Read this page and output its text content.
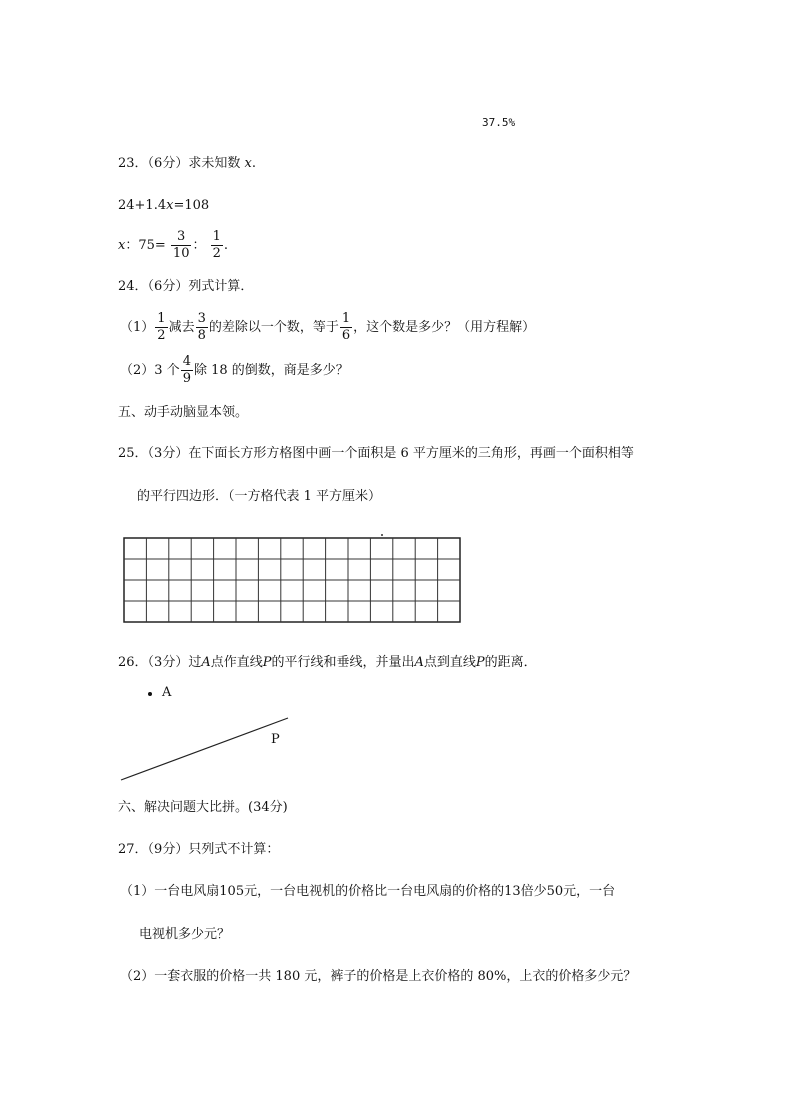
37.5%
23．（6分）求未知数 x.
24+1.4x=108
x：$75= \frac{3}{10}$ ： $\frac{1}{2}$ .
24．（6分）列式计算．
$(1) \frac{1}{2}$ 减去 $\frac{3}{8}$ 的差除以一个数，等于 $\frac{1}{6}$ ，这个数是多少？（用方程解）
（2）3 个 $\frac{4}{9}$ 除 18 的倒数，商是多少？
五、动手动脑显本领。
25．（3分）在下面长方形方格图中画一个面积是 6 平方厘米的三角形，再画一个面积相等
的平行四边形．（一方格代表 1 平方厘米）
26．（3分）过A点作直线P的平行线和垂线，并量出A点到直线P的距离．
A
P
六、解决问题大比拼。(34分)
27．（9分）只列式不计算：
（1）一台电风扇105元，一台电视机的价格比一台电风扇的价格的13倍少50元，一台
电视机多少元？
（2）一套衣服的价格一共 180 元，裤子的价格是上衣价格的 80%，上衣的价格多少元？
